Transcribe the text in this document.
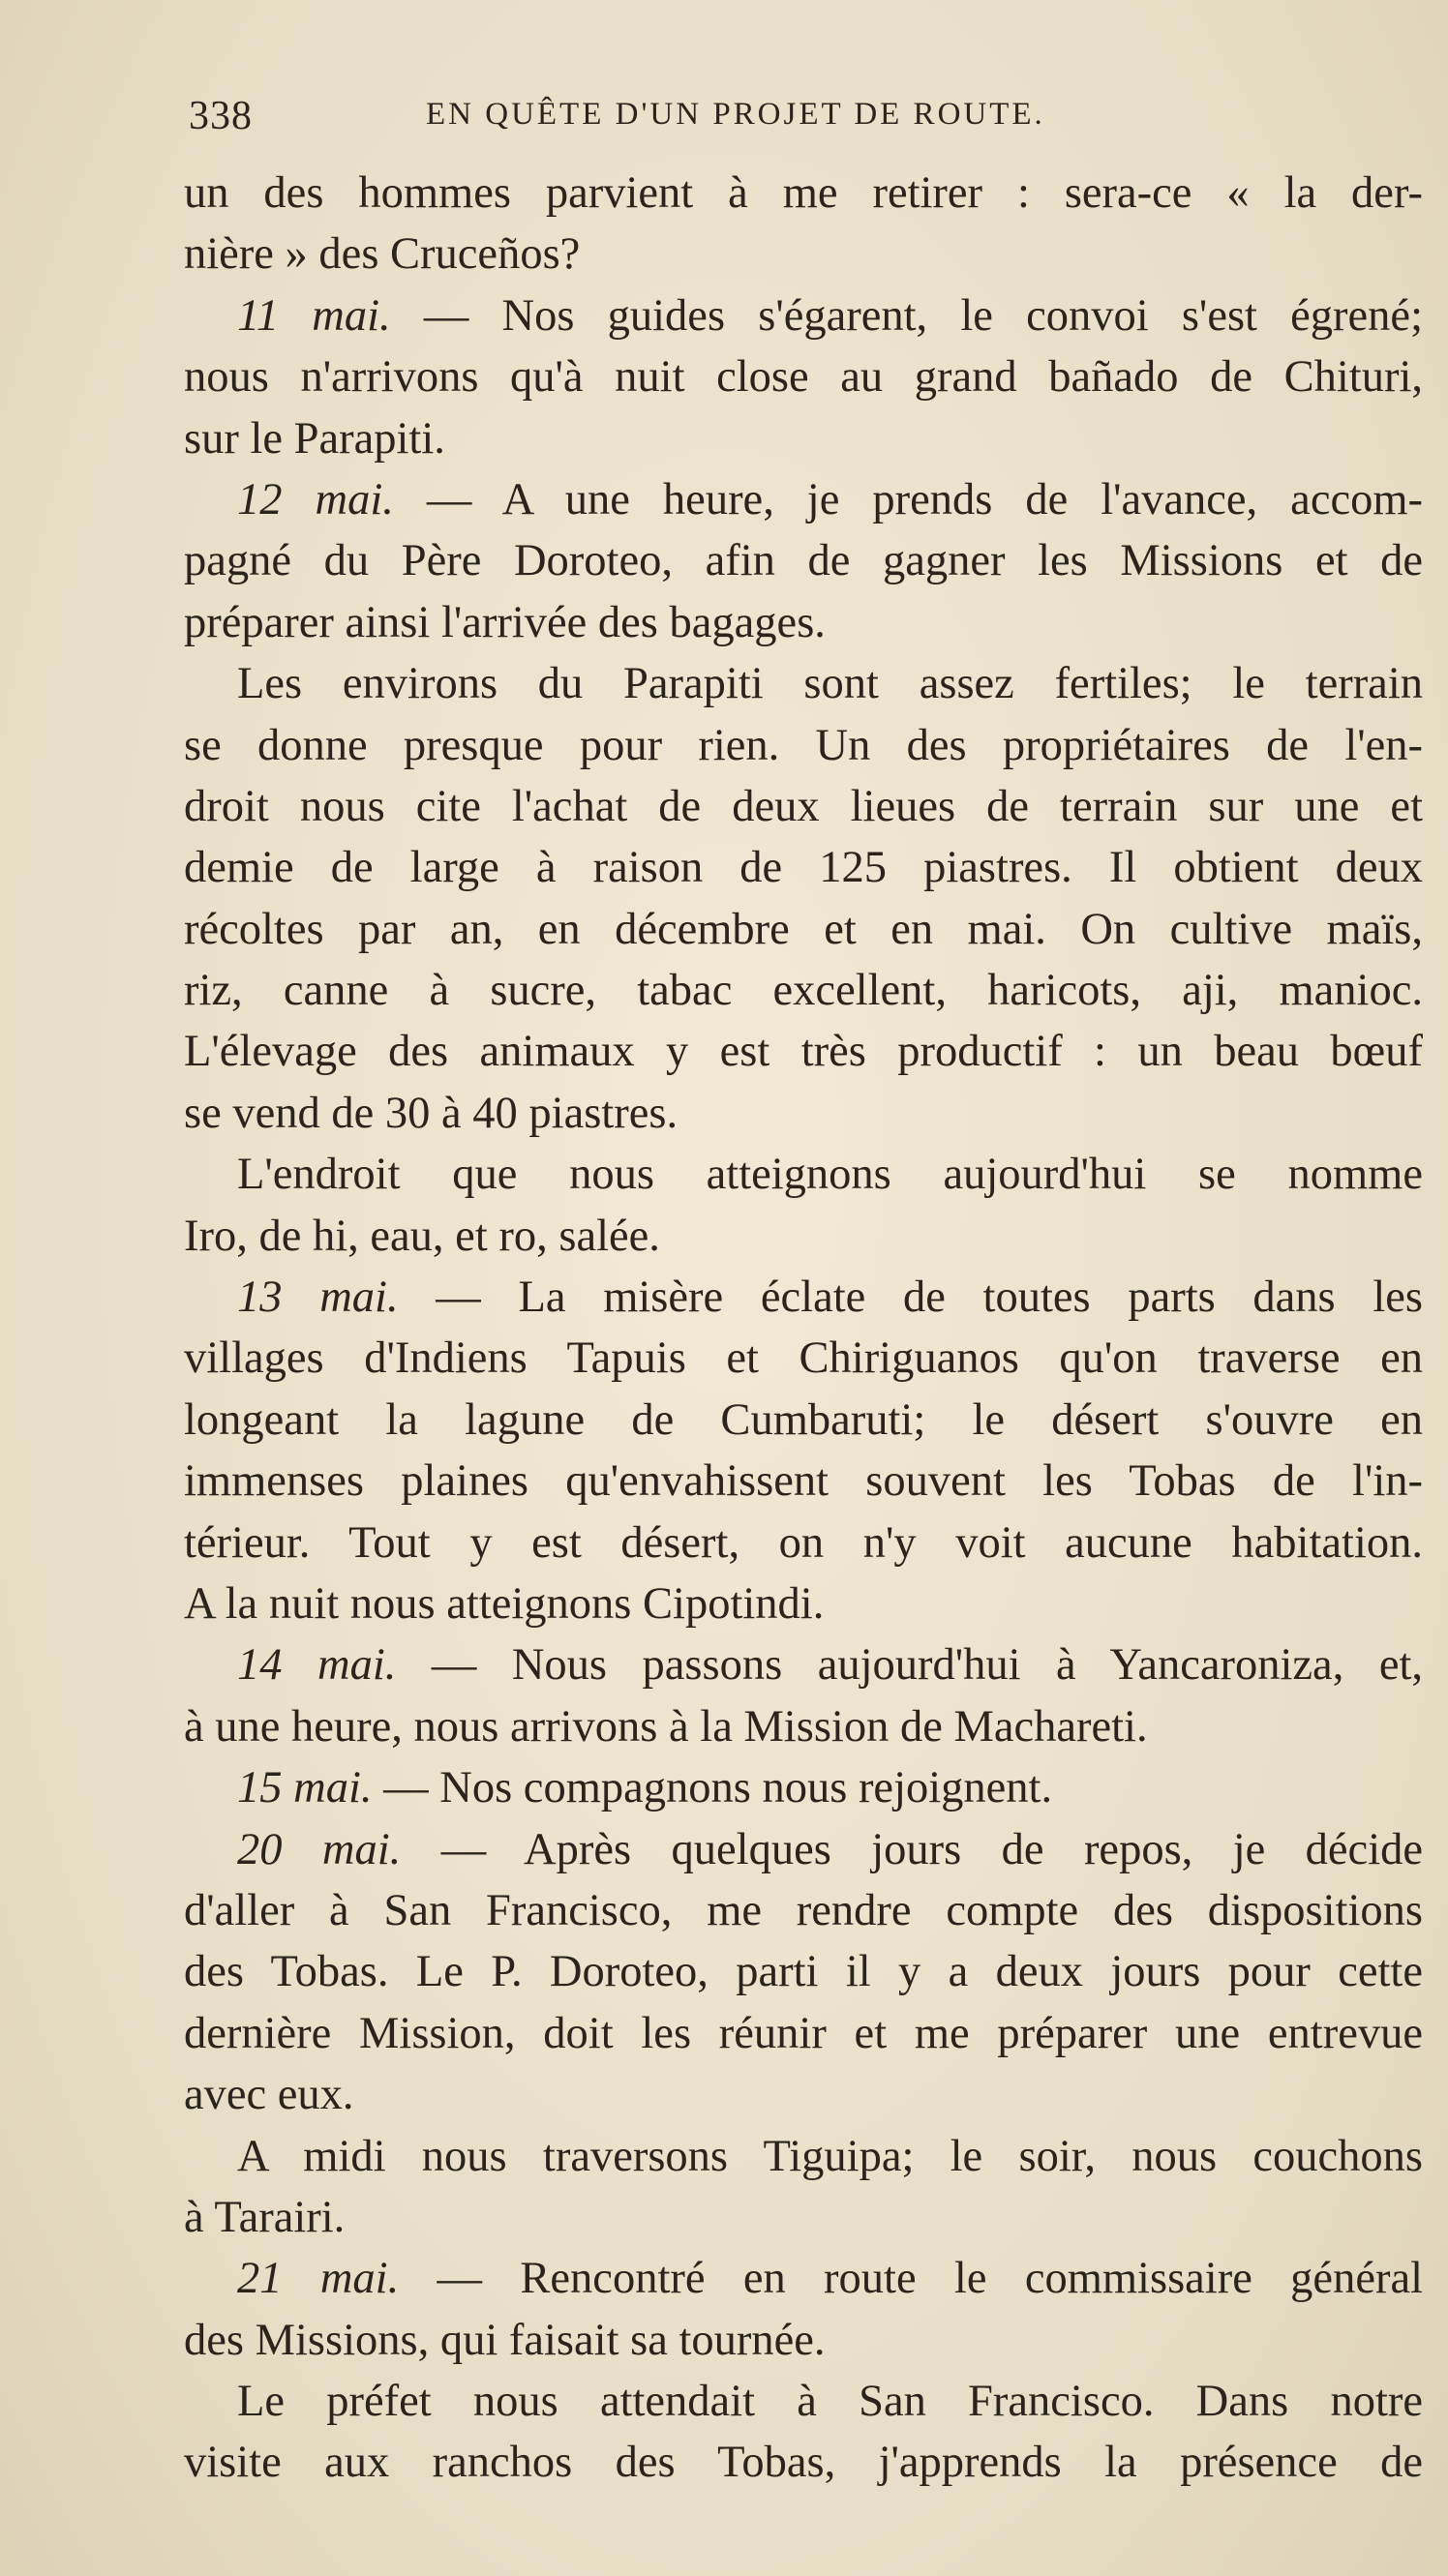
338	EN QUÊTE D'UN PROJET DE ROUTE.
un des hommes parvient à me retirer : sera-ce « la der-
nière » des Cruceños?
11 mai. — Nos guides s'égarent, le convoi s'est égrené;
nous n'arrivons qu'à nuit close au grand bañado de Chituri,
sur le Parapiti.
12 mai. — A une heure, je prends de l'avance, accom-
pagné du Père Doroteo, afin de gagner les Missions et de
préparer ainsi l'arrivée des bagages.
Les environs du Parapiti sont assez fertiles; le terrain
se donne presque pour rien. Un des propriétaires de l'en-
droit nous cite l'achat de deux lieues de terrain sur une et
demie de large à raison de 125 piastres. Il obtient deux
récoltes par an, en décembre et en mai. On cultive maïs,
riz, canne à sucre, tabac excellent, haricots, aji, manioc.
L'élevage des animaux y est très productif : un beau bœuf
se vend de 30 à 40 piastres.
L'endroit que nous atteignons aujourd'hui se nomme
Iro, de hi, eau, et ro, salée.
13 mai. — La misère éclate de toutes parts dans les
villages d'Indiens Tapuis et Chiriguanos qu'on traverse en
longeant la lagune de Cumbaruti; le désert s'ouvre en
immenses plaines qu'envahissent souvent les Tobas de l'in-
térieur. Tout y est désert, on n'y voit aucune habitation.
A la nuit nous atteignons Cipotindi.
14 mai. — Nous passons aujourd'hui à Yancaroniza, et,
à une heure, nous arrivons à la Mission de Machareti.
15 mai. — Nos compagnons nous rejoignent.
20 mai. — Après quelques jours de repos, je décide
d'aller à San Francisco, me rendre compte des dispositions
des Tobas. Le P. Doroteo, parti il y a deux jours pour cette
dernière Mission, doit les réunir et me préparer une entrevue
avec eux.
A midi nous traversons Tiguipa; le soir, nous couchons
à Tarairi.
21 mai. — Rencontré en route le commissaire général
des Missions, qui faisait sa tournée.
Le préfet nous attendait à San Francisco. Dans notre
visite aux ranchos des Tobas, j'apprends la présence de
